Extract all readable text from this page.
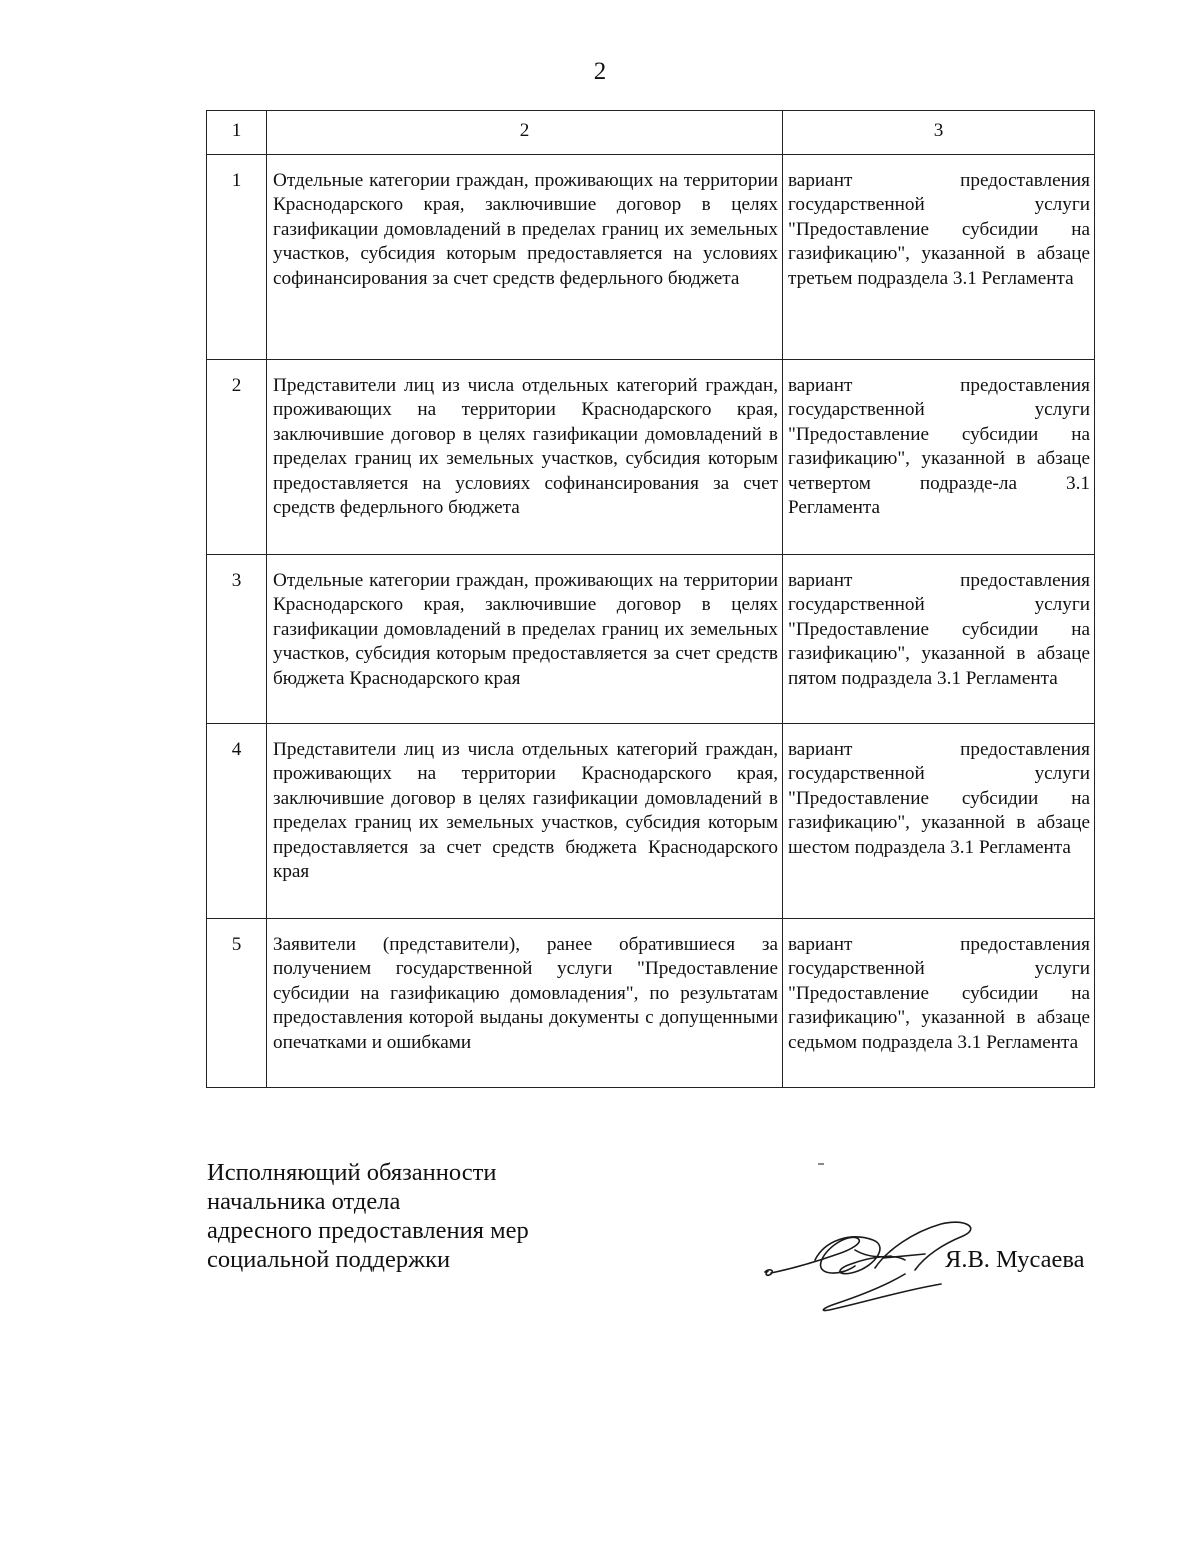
2
1	2	3
1	Отдельные категории граждан, проживающих на территории Краснодарского края, заключившие договор в целях газификации домовладений в пределах границ их земельных участков, субсидия которым предоставляется на условиях софинансирования за счет средств федерльного бюджета	вариант предоставления государственной услуги "Предоставление субсидии на газификацию", указанной в абзаце третьем подраздела 3.1 Регламента
2	Представители лиц из числа отдельных категорий граждан, проживающих на территории Краснодарского края, заключившие договор в целях газификации домовладений в пределах границ их земельных участков, субсидия которым предоставляется на условиях софинансирования за счет средств федерльного бюджета	вариант предоставления государственной услуги "Предоставление субсидии на газификацию", указанной в абзаце четвертом подразде-ла 3.1 Регламента
3	Отдельные категории граждан, проживающих на территории Краснодарского края, заключившие договор в целях газификации домовладений в пределах границ их земельных участков, субсидия которым предоставляется за счет средств бюджета Краснодарского края	вариант предоставления государственной услуги "Предоставление субсидии на газификацию", указанной в абзаце пятом подраздела 3.1 Регламента
4	Представители лиц из числа отдельных категорий граждан, проживающих на территории Краснодарского края, заключившие договор в целях газификации домовладений в пределах границ их земельных участков, субсидия которым предоставляется за счет средств бюджета Краснодарского края	вариант предоставления государственной услуги "Предоставление субсидии на газификацию", указанной в абзаце шестом подраздела 3.1 Регламента
5	Заявители (представители), ранее обратившиеся за получением государственной услуги "Предоставление субсидии на газификацию домовладения", по результатам предоставления которой выданы документы с допущенными опечатками и ошибками	вариант предоставления государственной услуги "Предоставление субсидии на газификацию", указанной в абзаце седьмом подраздела 3.1 Регламента
Исполняющий обязанности
начальника отдела
адресного предоставления мер
социальной поддержки	Я.В. Мусаева
